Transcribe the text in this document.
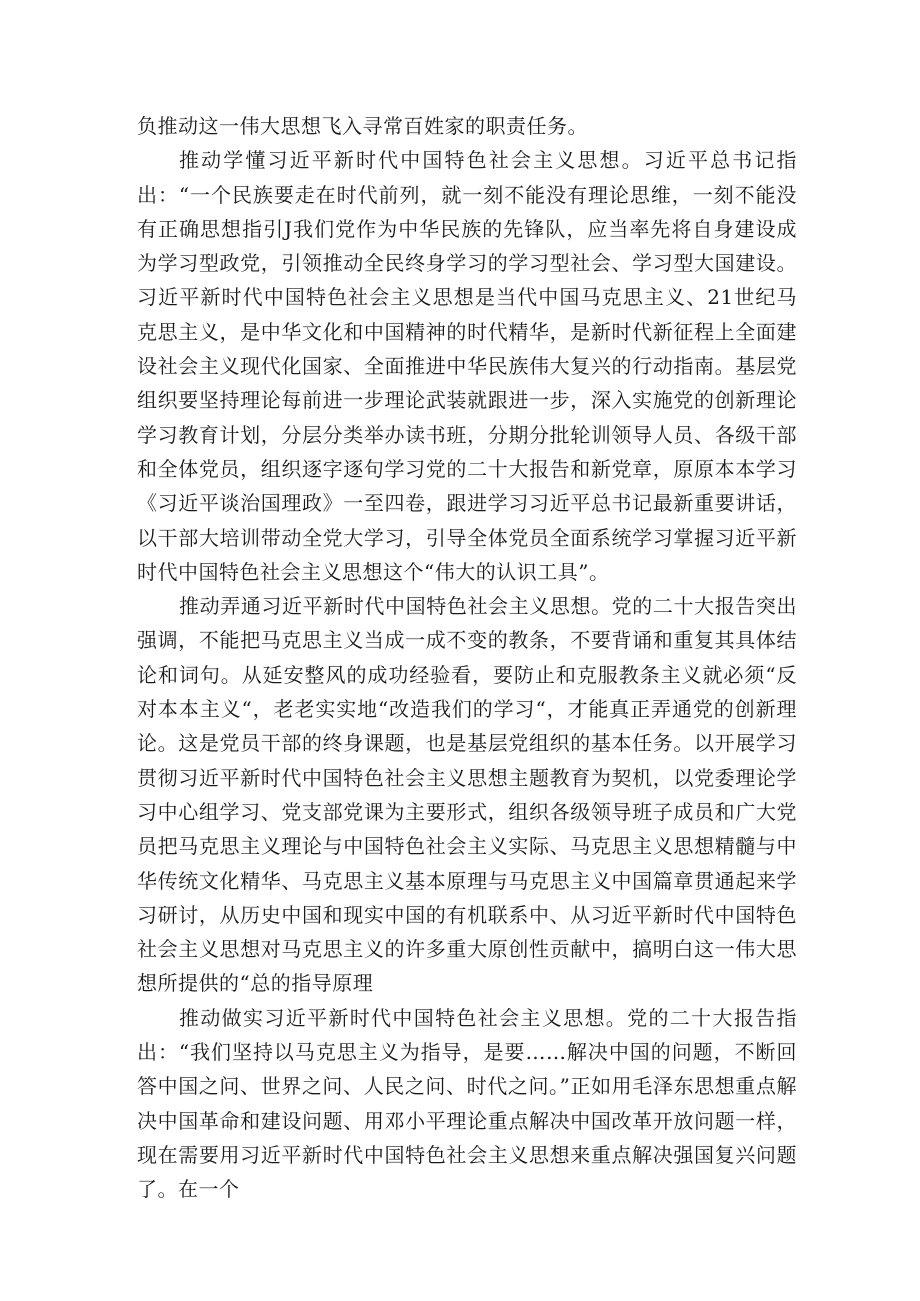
负推动这一伟大思想飞入寻常百姓家的职责任务。

推动学懂习近平新时代中国特色社会主义思想。习近平总书记指出：“一个民族要走在时代前列，就一刻不能没有理论思维，一刻不能没有正确思想指引J我们党作为中华民族的先锋队，应当率先将自身建设成为学习型政党，引领推动全民终身学习的学习型社会、学习型大国建设。习近平新时代中国特色社会主义思想是当代中国马克思主义、21世纪马克思主义，是中华文化和中国精神的时代精华，是新时代新征程上全面建设社会主义现代化国家、全面推进中华民族伟大复兴的行动指南。基层党组织要坚持理论每前进一步理论武装就跟进一步，深入实施党的创新理论学习教育计划，分层分类举办读书班，分期分批轮训领导人员、各级干部和全体党员，组织逐字逐句学习党的二十大报告和新党章，原原本本学习《习近平谈治国理政》一至四卷，跟进学习习近平总书记最新重要讲话，以干部大培训带动全党大学习，引导全体党员全面系统学习掌握习近平新时代中国特色社会主义思想这个“伟大的认识工具”。

推动弄通习近平新时代中国特色社会主义思想。党的二十大报告突出强调，不能把马克思主义当成一成不变的教条，不要背诵和重复其具体结论和词句。从延安整风的成功经验看，要防止和克服教条主义就必须“反对本本主义“，老老实实地“改造我们的学习“，才能真正弄通党的创新理论。这是党员干部的终身课题，也是基层党组织的基本任务。以开展学习贯彻习近平新时代中国特色社会主义思想主题教育为契机，以党委理论学习中心组学习、党支部党课为主要形式，组织各级领导班子成员和广大党员把马克思主义理论与中国特色社会主义实际、马克思主义思想精髓与中华传统文化精华、马克思主义基本原理与马克思主义中国篇章贯通起来学习研讨，从历史中国和现实中国的有机联系中、从习近平新时代中国特色社会主义思想对马克思主义的许多重大原创性贡献中，搞明白这一伟大思想所提供的“总的指导原理

推动做实习近平新时代中国特色社会主义思想。党的二十大报告指出：“我们坚持以马克思主义为指导，是要……解决中国的问题，不断回答中国之问、世界之问、人民之问、时代之问。”正如用毛泽东思想重点解决中国革命和建设问题、用邓小平理论重点解决中国改革开放问题一样，现在需要用习近平新时代中国特色社会主义思想来重点解决强国复兴问题了。在一个
